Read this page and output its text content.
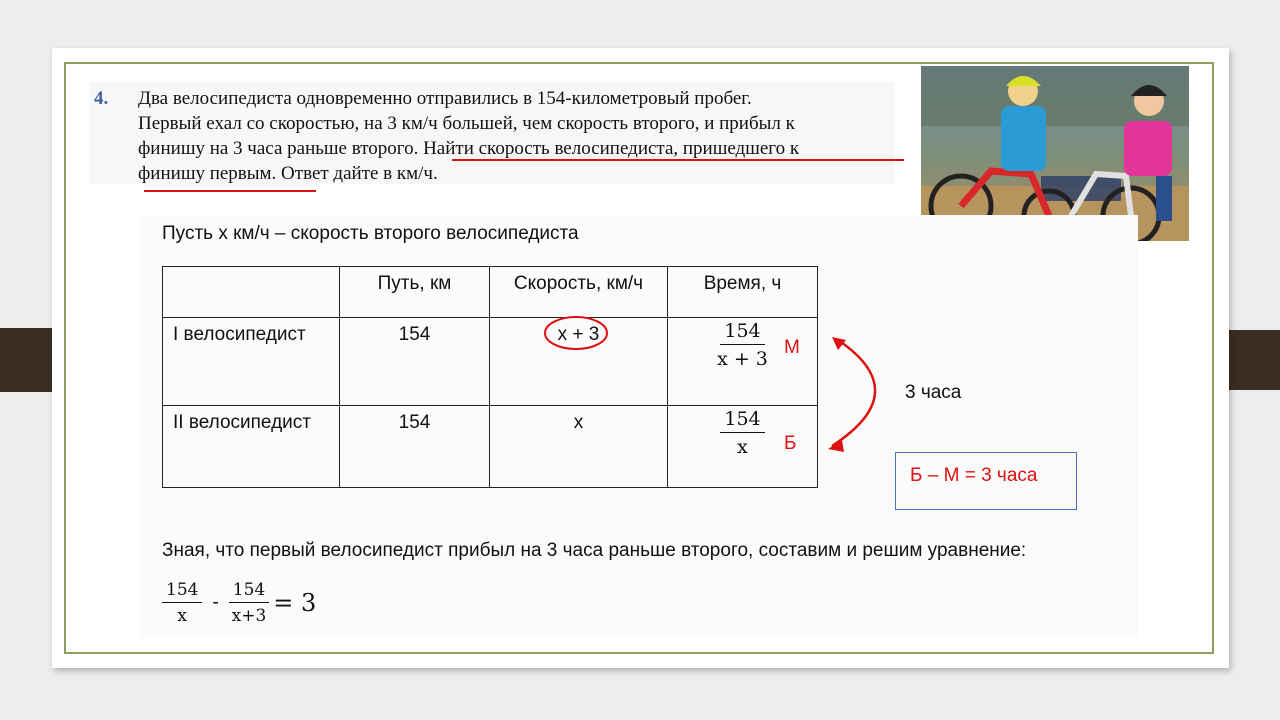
4. Два велосипедиста одновременно отправились в 154-километровый пробег.
Первый ехал со скоростью, на 3 км/ч большей, чем скорость второго, и прибыл к
финишу на 3 часа раньше второго. Найти скорость велосипедиста, пришедшего к
финишу первым. Ответ дайте в км/ч.
Пусть х км/ч – скорость второго велосипедиста

	Путь, км	Скорость, км/ч	Время, ч

I велосипедист	154	х + 3	$\frac{154}{x + 3}$

II велосипедист	154	х	$\frac{154}{x}$
М
Б
3 часа
Б – М = 3 часа
Зная, что первый велосипедист прибыл на 3 часа раньше второго, составим и решим уравнение:
$\frac{154}{x} - \frac{154}{x+3} = 3$
